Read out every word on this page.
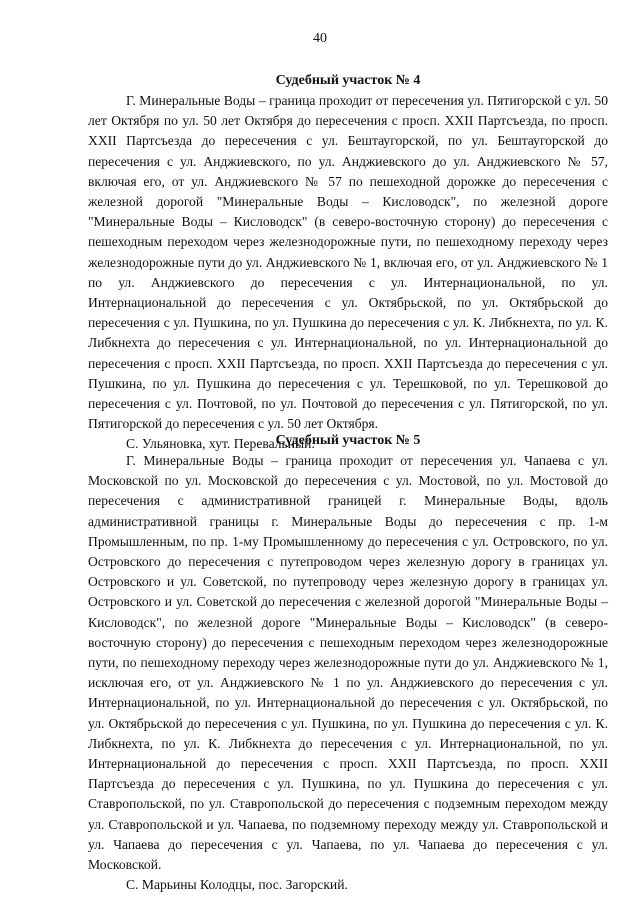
40

Судебный участок № 4

Г. Минеральные Воды – граница проходит от пересечения ул. Пятигорской с ул. 50 лет Октября по ул. 50 лет Октября до пересечения с просп. XXII Партсъезда, по просп. XXII Партсъезда до пересечения с ул. Бештаугорской, по ул. Бештаугорской до пересечения с ул. Анджиевского, по ул. Анджиевского до ул. Анджиевского № 57, включая его, от ул. Анджиевского № 57 по пешеходной дорожке до пересечения с железной дорогой "Минеральные Воды – Кисловодск", по железной дороге "Минеральные Воды – Кисловодск" (в северо-восточную сторону) до пересечения с пешеходным переходом через железнодорожные пути, по пешеходному переходу через железнодорожные пути до ул. Анджиевского № 1, включая его, от ул. Анджиевского № 1 по ул. Анджиевского до пересечения с ул. Интернациональной, по ул. Интернациональной до пересечения с ул. Октябрьской, по ул. Октябрьской до пересечения с ул. Пушкина, по ул. Пушкина до пересечения с ул. К. Либкнехта, по ул. К. Либкнехта до пересечения с ул. Интернациональной, по ул. Интернациональной до пересечения с просп. XXII Партсъезда, по просп. XXII Партсъезда до пересечения с ул. Пушкина, по ул. Пушкина до пересечения с ул. Терешковой, по ул. Терешковой до пересечения с ул. Почтовой, по ул. Почтовой до пересечения с ул. Пятигорской, по ул. Пятигорской до пересечения с ул. 50 лет Октября.

С. Ульяновка, хут. Перевальный.

Судебный участок № 5

Г. Минеральные Воды – граница проходит от пересечения ул. Чапаева с ул. Московской по ул. Московской до пересечения с ул. Мостовой, по ул. Мостовой до пересечения с административной границей г. Минеральные Воды, вдоль административной границы г. Минеральные Воды до пересечения с пр. 1-м Промышленным, по пр. 1-му Промышленному до пересечения с ул. Островского, по ул. Островского до пересечения с путепроводом через железную дорогу в границах ул. Островского и ул. Советской, по путепроводу через железную дорогу в границах ул. Островского и ул. Советской до пересечения с железной дорогой "Минеральные Воды – Кисловодск", по железной дороге "Минеральные Воды – Кисловодск" (в северо-восточную сторону) до пересечения с пешеходным переходом через железнодорожные пути, по пешеходному переходу через железнодорожные пути до ул. Анджиевского № 1, исключая его, от ул. Анджиевского № 1 по ул. Анджиевского до пересечения с ул. Интернациональной, по ул. Интернациональной до пересечения с ул. Октябрьской, по ул. Октябрьской до пересечения с ул. Пушкина, по ул. Пушкина до пересечения с ул. К. Либкнехта, по ул. К. Либкнехта до пересечения с ул. Интернациональной, по ул. Интернациональной до пересечения с просп. XXII Партсъезда, по просп. XXII Партсъезда до пересечения с ул. Пушкина, по ул. Пушкина до пересечения с ул. Ставропольской, по ул. Ставропольской до пересечения с подземным переходом между ул. Ставропольской и ул. Чапаева, по подземному переходу между ул. Ставропольской и ул. Чапаева до пересечения с ул. Чапаева, по ул. Чапаева до пересечения с ул. Московской.

С. Марьины Колодцы, пос. Загорский.
